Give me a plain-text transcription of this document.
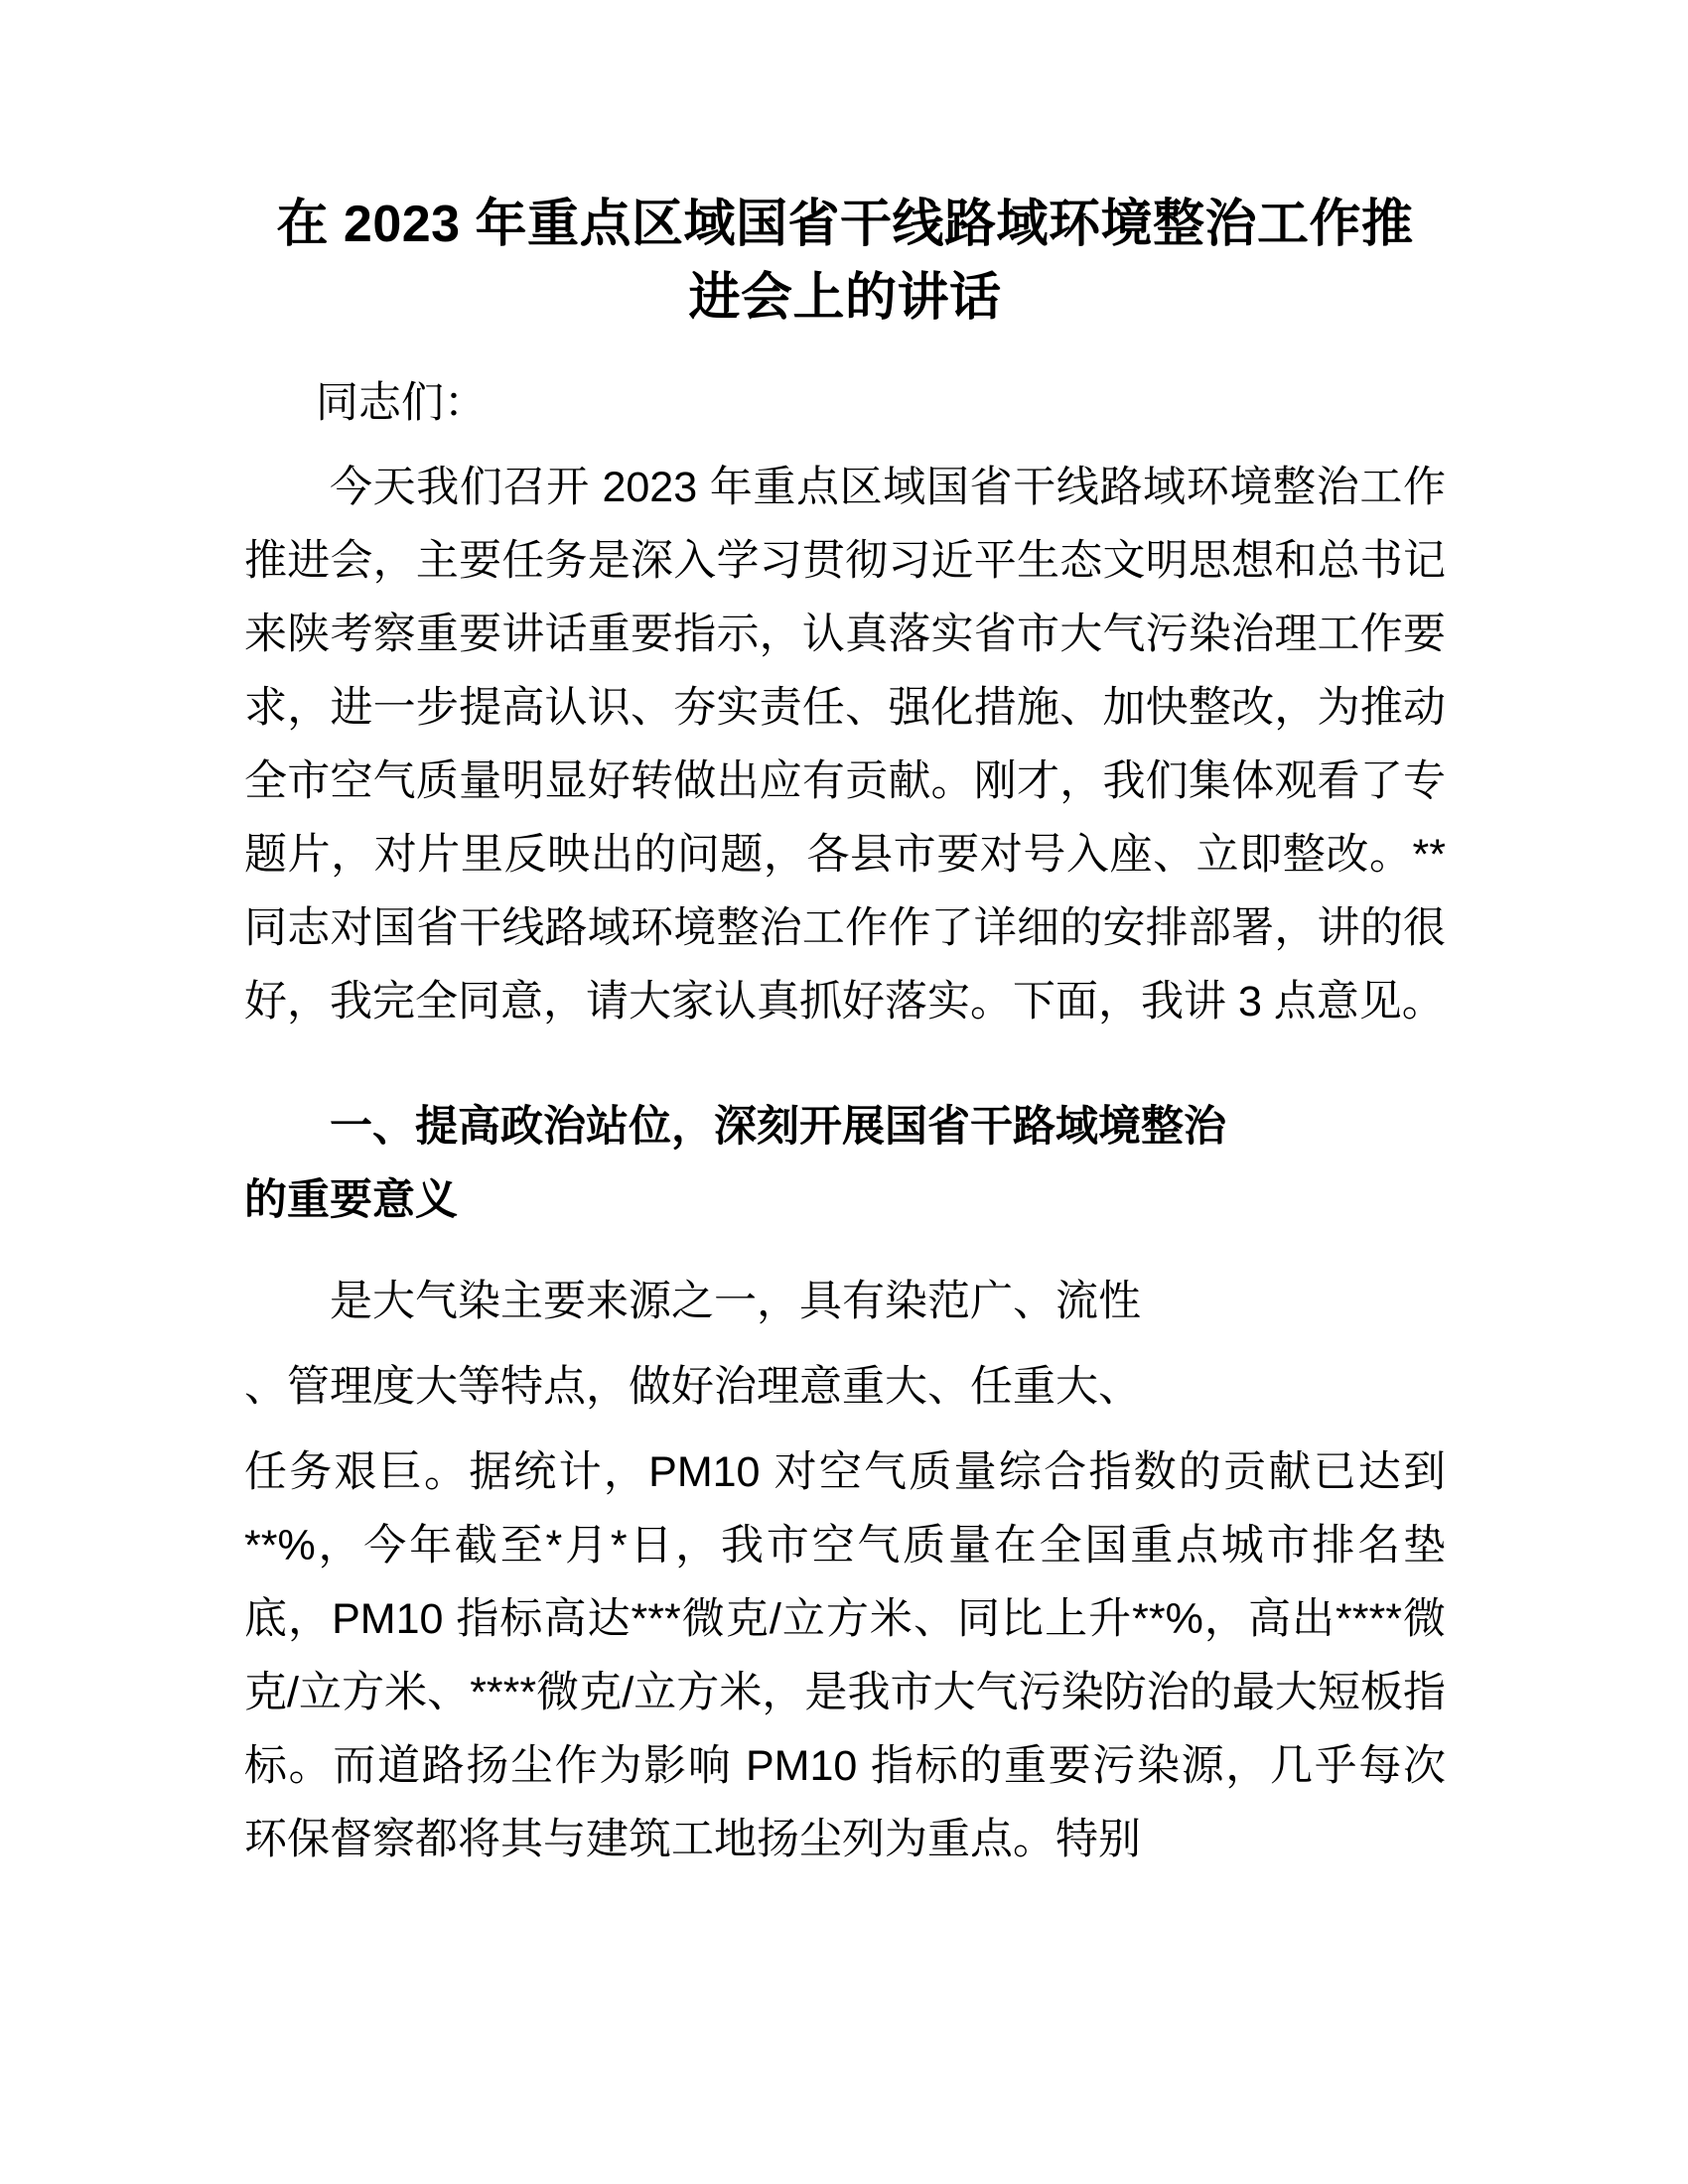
在 2023 年重点区域国省干线路域环境整治工作推进会上的讲话

同志们：

今天我们召开 2023 年重点区域国省干线路域环境整治工作推进会，主要任务是深入学习贯彻习近平生态文明思想和总书记来陕考察重要讲话重要指示，认真落实省市大气污染治理工作要求，进一步提高认识、夯实责任、强化措施、加快整改，为推动全市空气质量明显好转做出应有贡献。刚才，我们集体观看了专题片，对片里反映出的问题，各县市要对号入座、立即整改。**同志对国省干线路域环境整治工作作了详细的安排部署，讲的很好，我完全同意，请大家认真抓好落实。下面，我讲 3 点意见。

一、提高政治站位，深刻开展国省干路域境整治
的重要意义

是大气染主要来源之一，具有染范广、流性

、管理度大等特点，做好治理意重大、任重大、

任务艰巨。据统计，PM10 对空气质量综合指数的贡献已达到 **%，今年截至*月*日，我市空气质量在全国重点城市排名垫底，PM10 指标高达***微克/立方米、同比上升**%，高出****微克/立方米、****微克/立方米，是我市大气污染防治的最大短板指标。而道路扬尘作为影响 PM10 指标的重要污染源，几乎每次环保督察都将其与建筑工地扬尘列为重点。特别
